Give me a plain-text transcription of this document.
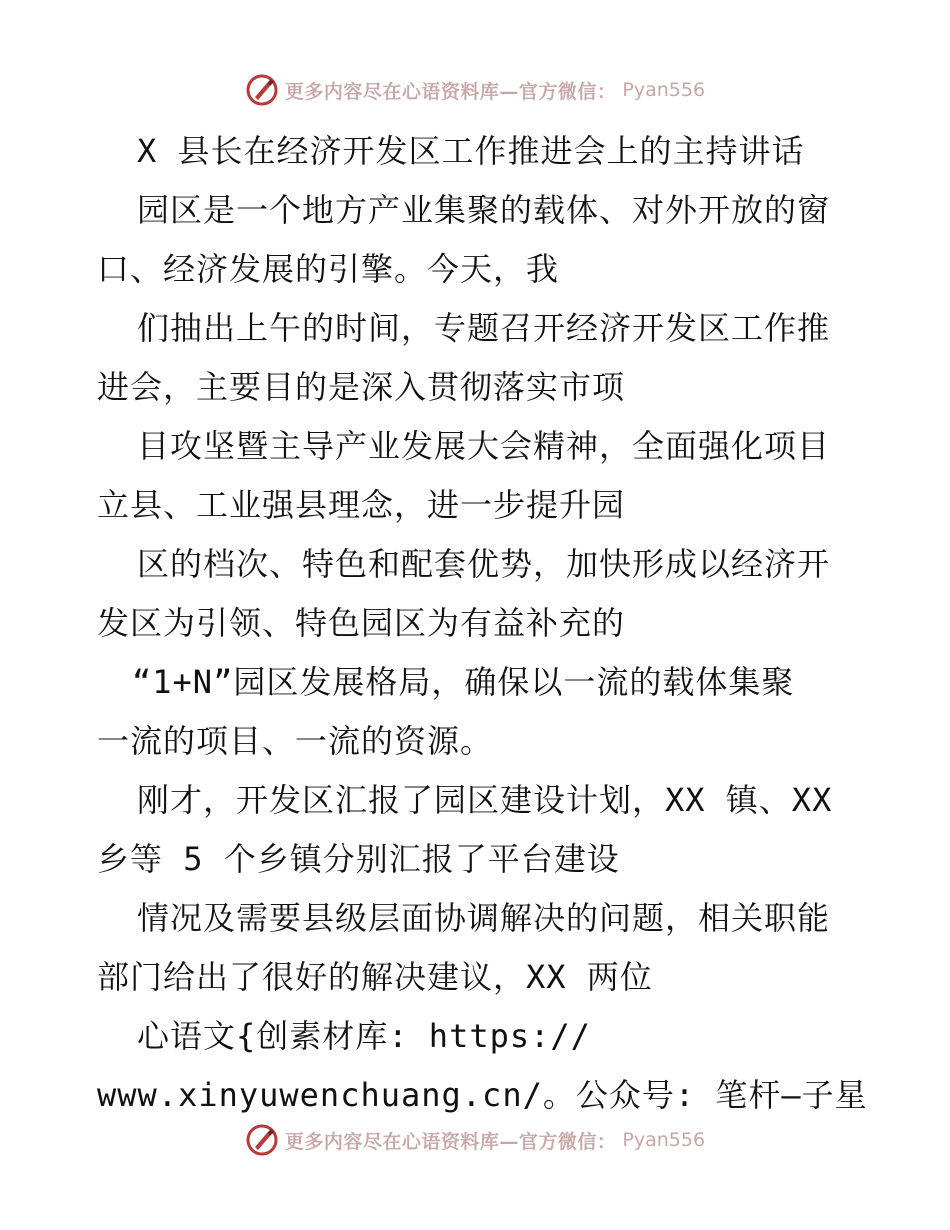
更多内容尽在心语资料库—官方微信： Pyan556
X 县长在经济开发区工作推进会上的主持讲话
园区是一个地方产业集聚的载体、对外开放的窗
口、经济发展的引擎。今天，我
们抽出上午的时间，专题召开经济开发区工作推
进会，主要目的是深入贯彻落实市项
目攻坚暨主导产业发展大会精神，全面强化项目
立县、工业强县理念，进一步提升园
区的档次、特色和配套优势，加快形成以经济开
发区为引领、特色园区为有益补充的
“1+N”园区发展格局，确保以一流的载体集聚
一流的项目、一流的资源。
刚才，开发区汇报了园区建设计划，XX 镇、XX
乡等 5 个乡镇分别汇报了平台建设
情况及需要县级层面协调解决的问题，相关职能
部门给出了很好的解决建议，XX 两位
心语文{创素材库: https://
www.xinyuwenchuang.cn/。公众号: 笔杆—子星
更多内容尽在心语资料库—官方微信： Pyan556
